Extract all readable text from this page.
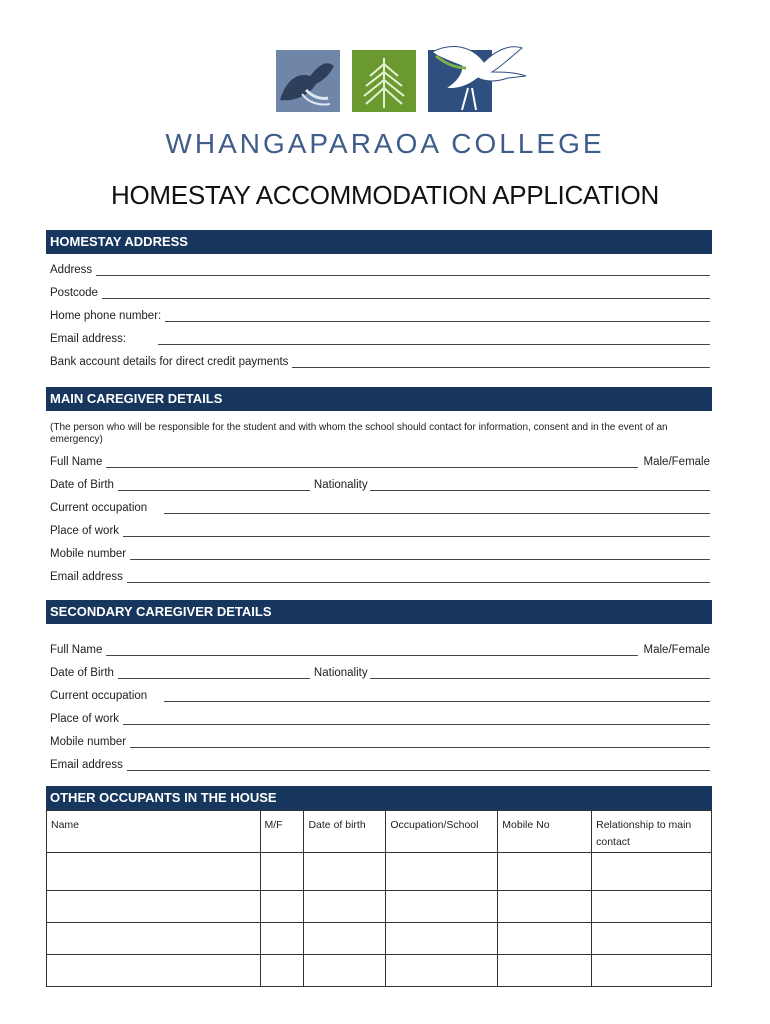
WHANGAPARAOA COLLEGE
HOMESTAY ACCOMMODATION APPLICATION
HOMESTAY ADDRESS
Address
Postcode
Home phone number:
Email address:
Bank account details for direct credit payments
MAIN CAREGIVER DETAILS
(The person who will be responsible for the student and with whom the school should contact for information, consent and in the event of an emergency)
Full Name	Male/Female
Date of Birth	Nationality
Current occupation
Place of work
Mobile number
Email address
SECONDARY CAREGIVER DETAILS
Full Name	Male/Female
Date of Birth	Nationality
Current occupation
Place of work
Mobile number
Email address
OTHER OCCUPANTS IN THE HOUSE
Name	M/F	Date of birth	Occupation/School	Mobile No	Relationship to main contact
